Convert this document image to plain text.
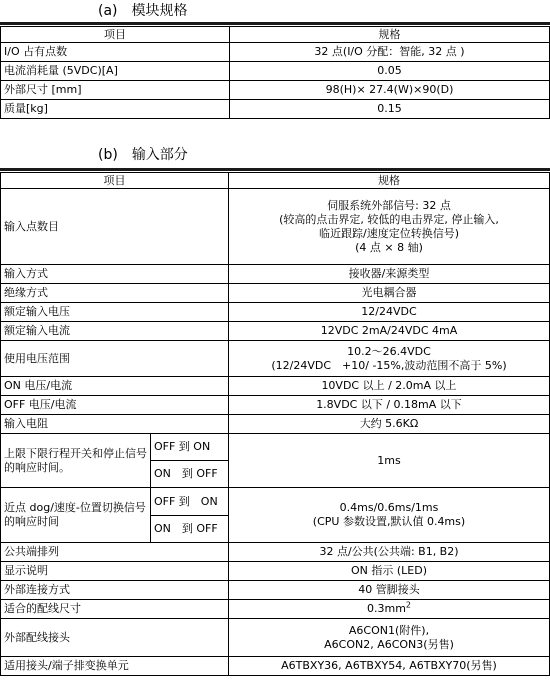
(a) 模块规格
项目	规格
I/O 占有点数	32 点(I/O 分配：智能, 32 点 )
电流消耗量 (5VDC)[A]	0.05
外部尺寸 [mm]	98(H)× 27.4(W)×90(D)
质量[kg]	0.15
(b) 输入部分
项目		规格
输入点数目		伺服系统外部信号: 32 点
(较高的点击界定, 较低的电击界定, 停止输入,
临近跟踪/速度定位转换信号)
(4 点 × 8 轴)

输入方式		接收器/来源类型
绝缘方式		光电耦合器
额定输入电压		12/24VDC
额定输入电流		12VDC 2mA/24VDC 4mA
使用电压范围		10.2～26.4VDC
(12/24VDC　+10/ -15%,波动范围不高于 5%)

ON 电压/电流		10VDC 以上 / 2.0mA 以上
OFF 电压/电流		1.8VDC 以下 / 0.18mA 以下
输入电阻		大约 5.6KΩ
上限下限行程开关和停止信号的响应时间。	OFF 到 ON	1ms
	ON　到 OFF	
近点 dog/速度-位置切换信号的响应时间	OFF 到　ON	0.4ms/0.6ms/1ms
(CPU 参数设置,默认值 0.4ms)

	ON　到 OFF	
公共端排列		32 点/公共(公共端: B1, B2)
显示说明		ON 指示 (LED)
外部连接方式		40 管脚接头
适合的配线尺寸		$0.3mm^2$
外部配线接头		A6CON1(附件),
A6CON2, A6CON3(另售)

适用接头/端子排变换单元		A6TBXY36, A6TBXY54, A6TBXY70(另售)
